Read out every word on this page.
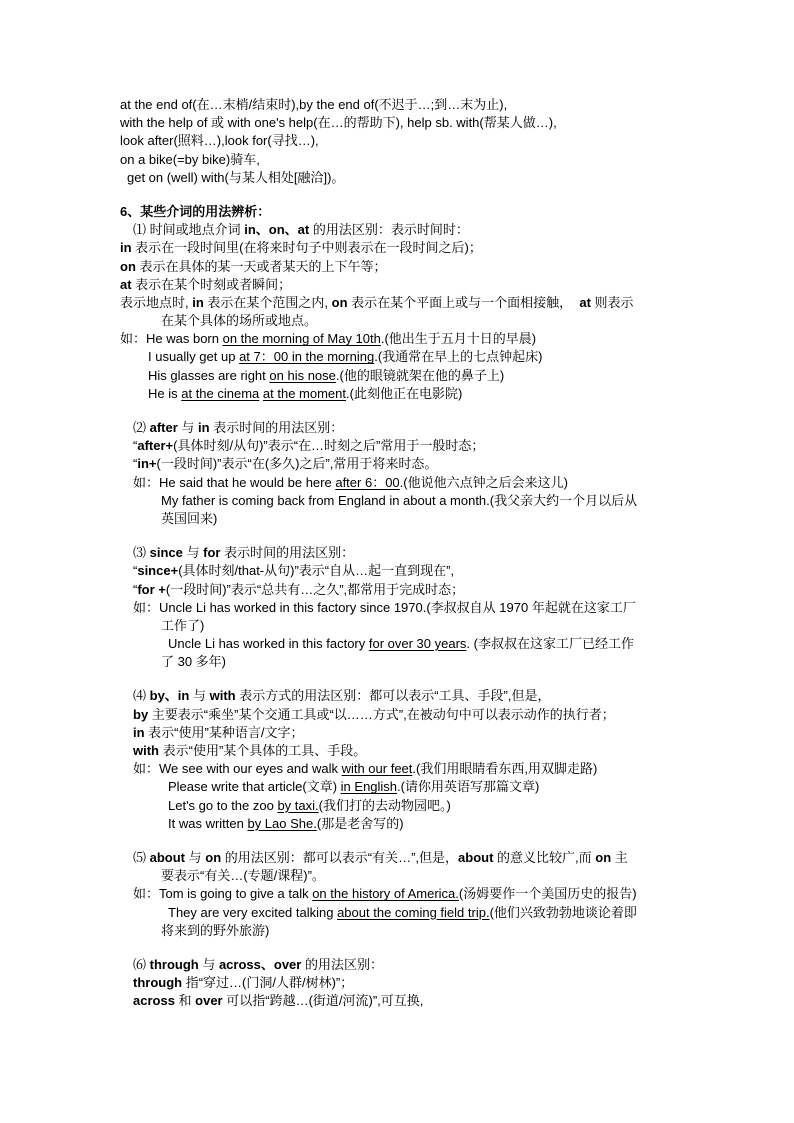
at the end of(在…末梢/结束时),by the end of(不迟于…;到…末为止),
with the help of 或 with one's help(在…的帮助下), help sb. with(帮某人做…),
look after(照料…),look for(寻找…),
on a bike(=by bike)骑车,
get on (well) with(与某人相处[融洽])。
6、某些介词的用法辨析：
⑴ 时间或地点介词 in、on、at 的用法区别：表示时间时：
in 表示在一段时间里(在将来时句子中则表示在一段时间之后)；
on 表示在具体的某一天或者某天的上下午等；
at 表示在某个时刻或者瞬间；
表示地点时, in 表示在某个范围之内, on 表示在某个平面上或与一个面相接触，  at 则表示
在某个具体的场所或地点。
如：He was born on the morning of May 10th.(他出生于五月十日的早晨)
I usually get up at 7：00 in the morning.(我通常在早上的七点钟起床)
His glasses are right on his nose.(他的眼镜就架在他的鼻子上)
He is at the cinema at the moment.(此刻他正在电影院)
⑵ after 与 in 表示时间的用法区别：
“after+(具体时刻/从句)”表示“在…时刻之后”常用于一般时态；
“in+(一段时间)”表示“在(多久)之后”,常用于将来时态。
如：He said that he would be here after 6：00.(他说他六点钟之后会来这儿)
My father is coming back from England in about a month.(我父亲大约一个月以后从
英国回来)
⑶ since 与 for 表示时间的用法区别：
“since+(具体时刻/that-从句)”表示“自从…起一直到现在”,
“for +(一段时间)”表示“总共有…之久”,都常用于完成时态；
如：Uncle Li has worked in this factory since 1970.(李叔叔自从 1970 年起就在这家工厂
工作了)
Uncle Li has worked in this factory for over 30 years. (李叔叔在这家工厂已经工作
了 30 多年)
⑷ by、in 与 with 表示方式的用法区别：都可以表示“工具、手段”,但是，
by 主要表示“乘坐”某个交通工具或“以……方式”,在被动句中可以表示动作的执行者；
in 表示“使用”某种语言/文字；
with 表示“使用”某个具体的工具、手段。
如：We see with our eyes and walk with our feet.(我们用眼睛看东西,用双脚走路)
Please write that article(文章) in English.(请你用英语写那篇文章)
Let's go to the zoo by taxi.(我们打的去动物园吧。)
It was written by Lao She.(那是老舍写的)
⑸ about 与 on 的用法区别：都可以表示“有关…”,但是，about 的意义比较广,而 on 主
要表示“有关…(专题/课程)”。
如：Tom is going to give a talk on the history of America.(汤姆要作一个美国历史的报告)
They are very excited talking about the coming field trip.(他们兴致勃勃地谈论着即
将来到的野外旅游)
⑹ through 与 across、over 的用法区别：
through 指“穿过…(门洞/人群/树林)”；
across 和 over 可以指“跨越…(街道/河流)”,可互换,
